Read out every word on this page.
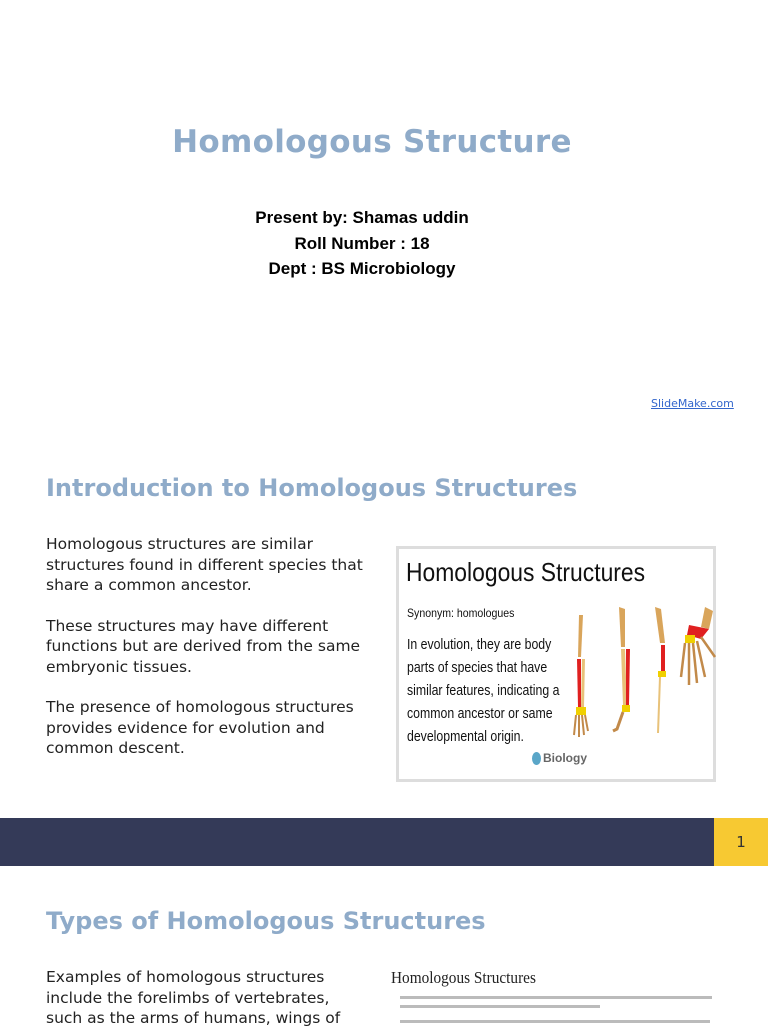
Homologous Structure
Present by: Shamas uddin
Roll Number : 18
Dept : BS Microbiology
SlideMake.com
Introduction to Homologous Structures

Homologous structures are similar structures found in different species that share a common ancestor.

These structures may have different functions but are derived from the same embryonic tissues.

The presence of homologous structures provides evidence for evolution and common descent.

Homologous Structures
Synonym: homologues
In evolution, they are body
parts of species that have
similar features, indicating a
common ancestor or same
developmental origin.
Biology
1
Types of Homologous Structures
Examples of homologous structures
include the forelimbs of vertebrates,
such as the arms of humans, wings of
Homologous Structures
